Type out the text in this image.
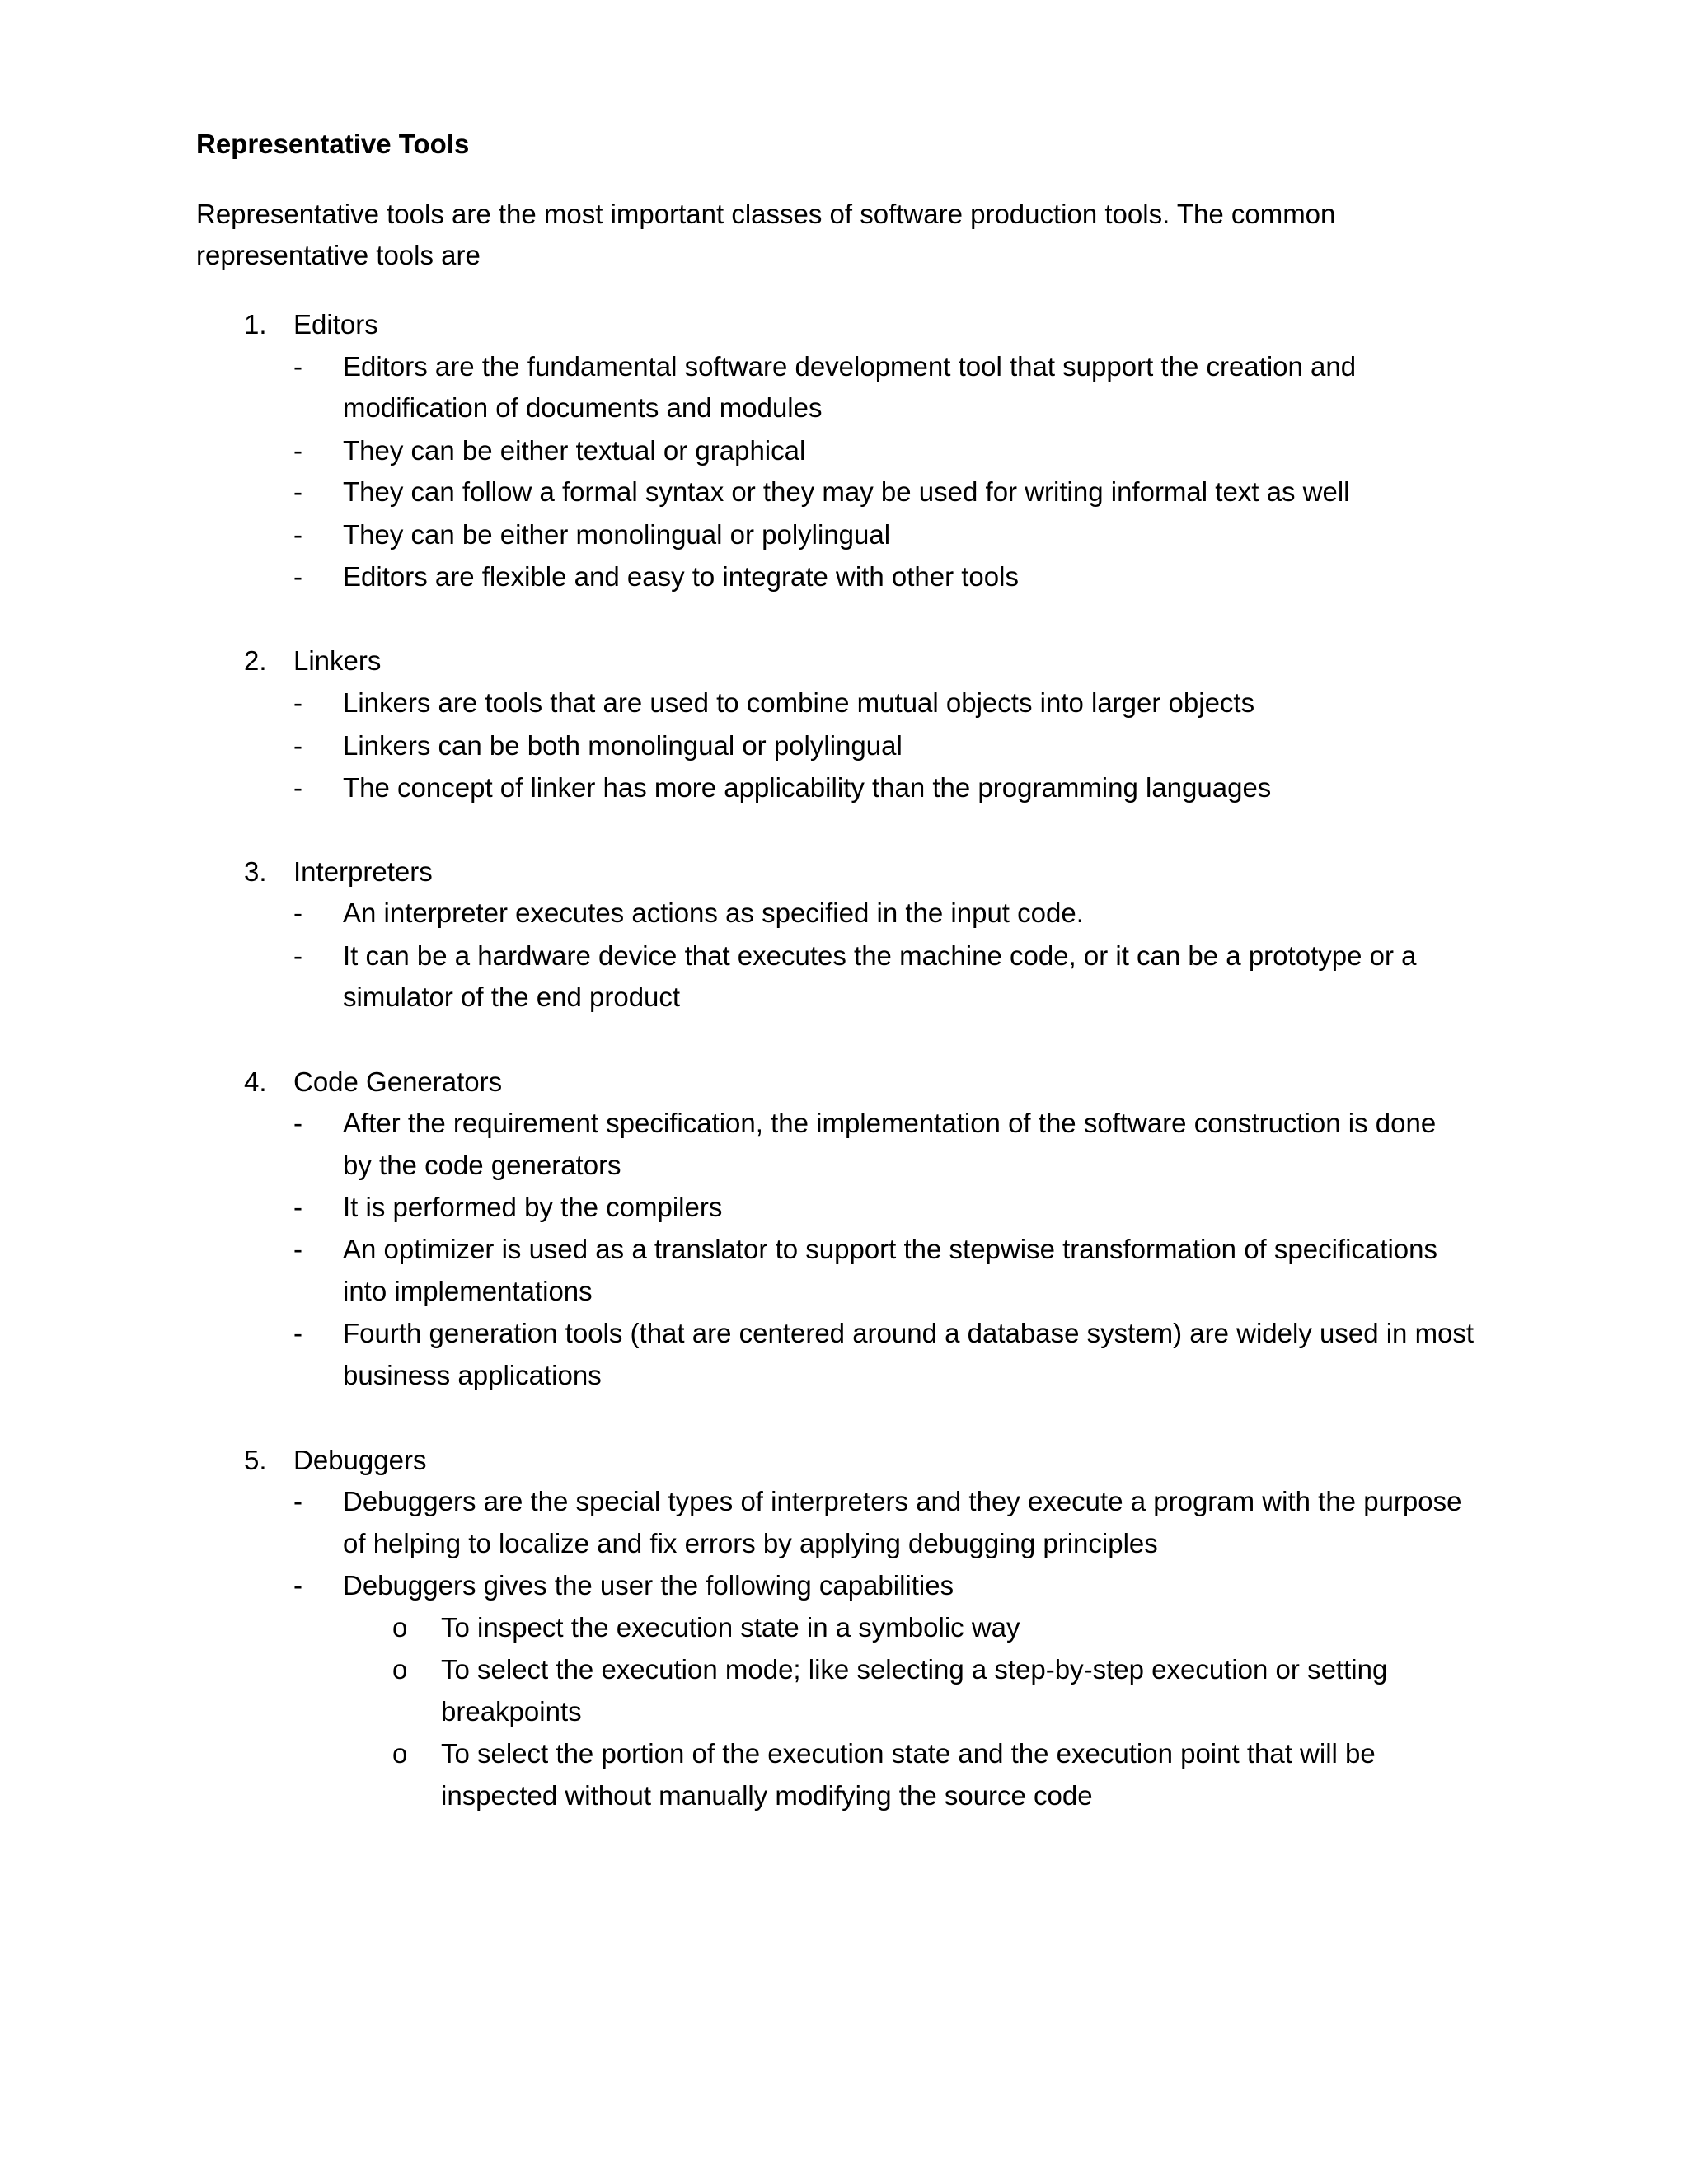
Representative Tools
Representative tools are the most important classes of software production tools. The common
representative tools are
1. Editors
- Editors are the fundamental software development tool that support the creation and
modification of documents and modules
- They can be either textual or graphical
- They can follow a formal syntax or they may be used for writing informal text as well
- They can be either monolingual or polylingual
- Editors are flexible and easy to integrate with other tools
2. Linkers
- Linkers are tools that are used to combine mutual objects into larger objects
- Linkers can be both monolingual or polylingual
- The concept of linker has more applicability than the programming languages
3. Interpreters
- An interpreter executes actions as specified in the input code.
- It can be a hardware device that executes the machine code, or it can be a prototype or a
simulator of the end product
4. Code Generators
- After the requirement specification, the implementation of the software construction is done
by the code generators
- It is performed by the compilers
- An optimizer is used as a translator to support the stepwise transformation of specifications
into implementations
- Fourth generation tools (that are centered around a database system) are widely used in most
business applications
5. Debuggers
- Debuggers are the special types of interpreters and they execute a program with the purpose
of helping to localize and fix errors by applying debugging principles
- Debuggers gives the user the following capabilities
o To inspect the execution state in a symbolic way
o To select the execution mode; like selecting a step-by-step execution or setting
breakpoints
o To select the portion of the execution state and the execution point that will be
inspected without manually modifying the source code
